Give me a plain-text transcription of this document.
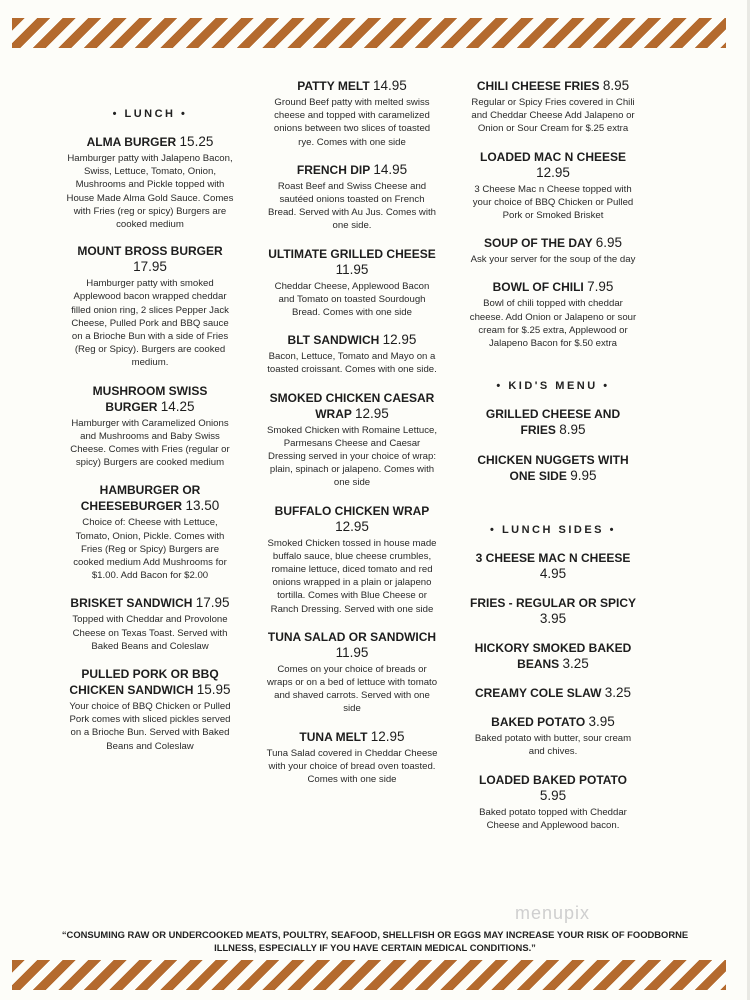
• LUNCH •
ALMA BURGER 15.25
Hamburger patty with Jalapeno Bacon, Swiss, Lettuce, Tomato, Onion, Mushrooms and Pickle topped with House Made Alma Gold Sauce. Comes with Fries (reg or spicy) Burgers are cooked medium
MOUNT BROSS BURGER
17.95
Hamburger patty with smoked Applewood bacon wrapped cheddar filled onion ring, 2 slices Pepper Jack Cheese, Pulled Pork and BBQ sauce on a Brioche Bun with a side of Fries (Reg or Spicy). Burgers are cooked medium.
MUSHROOM SWISS BURGER 14.25
Hamburger with Caramelized Onions and Mushrooms and Baby Swiss Cheese. Comes with Fries (regular or spicy) Burgers are cooked medium
HAMBURGER OR CHEESEBURGER 13.50
Choice of: Cheese with Lettuce, Tomato, Onion, Pickle. Comes with Fries (Reg or Spicy) Burgers are cooked medium Add Mushrooms for $1.00. Add Bacon for $2.00
BRISKET SANDWICH 17.95
Topped with Cheddar and Provolone Cheese on Texas Toast. Served with Baked Beans and Coleslaw
PULLED PORK OR BBQ CHICKEN SANDWICH 15.95
Your choice of BBQ Chicken or Pulled Pork comes with sliced pickles served on a Brioche Bun. Served with Baked Beans and Coleslaw
PATTY MELT 14.95
Ground Beef patty with melted swiss cheese and topped with caramelized onions between two slices of toasted rye. Comes with one side
FRENCH DIP 14.95
Roast Beef and Swiss Cheese and sautéed onions toasted on French Bread. Served with Au Jus. Comes with one side.
ULTIMATE GRILLED CHEESE 11.95
Cheddar Cheese, Applewood Bacon and Tomato on toasted Sourdough Bread. Comes with one side
BLT SANDWICH 12.95
Bacon, Lettuce, Tomato and Mayo on a toasted croissant. Comes with one side.
SMOKED CHICKEN CAESAR WRAP 12.95
Smoked Chicken with Romaine Lettuce, Parmesans Cheese and Caesar Dressing served in your choice of wrap: plain, spinach or jalapeno. Comes with one side
BUFFALO CHICKEN WRAP
12.95
Smoked Chicken tossed in house made buffalo sauce, blue cheese crumbles, romaine lettuce, diced tomato and red onions wrapped in a plain or jalapeno tortilla. Comes with Blue Cheese or Ranch Dressing. Served with one side
TUNA SALAD OR SANDWICH 11.95
Comes on your choice of breads or wraps or on a bed of lettuce with tomato and shaved carrots. Served with one side
TUNA MELT 12.95
Tuna Salad covered in Cheddar Cheese with your choice of bread oven toasted. Comes with one side
CHILI CHEESE FRIES 8.95
Regular or Spicy Fries covered in Chili and Cheddar Cheese Add Jalapeno or Onion or Sour Cream for $.25 extra
LOADED MAC N CHEESE
12.95
3 Cheese Mac n Cheese topped with your choice of BBQ Chicken or Pulled Pork or Smoked Brisket
SOUP OF THE DAY 6.95
Ask your server for the soup of the day
BOWL OF CHILI 7.95
Bowl of chili topped with cheddar cheese. Add Onion or Jalapeno or sour cream for $.25 extra, Applewood or Jalapeno Bacon for $.50 extra
• KID'S MENU •
GRILLED CHEESE AND FRIES 8.95
CHICKEN NUGGETS WITH ONE SIDE 9.95
• LUNCH SIDES •
3 CHEESE MAC N CHEESE
4.95
FRIES - REGULAR OR SPICY
3.95
HICKORY SMOKED BAKED BEANS 3.25
CREAMY COLE SLAW 3.25
BAKED POTATO 3.95
Baked potato with butter, sour cream and chives.
LOADED BAKED POTATO
5.95
Baked potato topped with Cheddar Cheese and Applewood bacon.
menupix
“CONSUMING RAW OR UNDERCOOKED MEATS, POULTRY, SEAFOOD, SHELLFISH OR EGGS MAY INCREASE YOUR RISK OF FOODBORNE ILLNESS, ESPECIALLY IF YOU HAVE CERTAIN MEDICAL CONDITIONS.”
